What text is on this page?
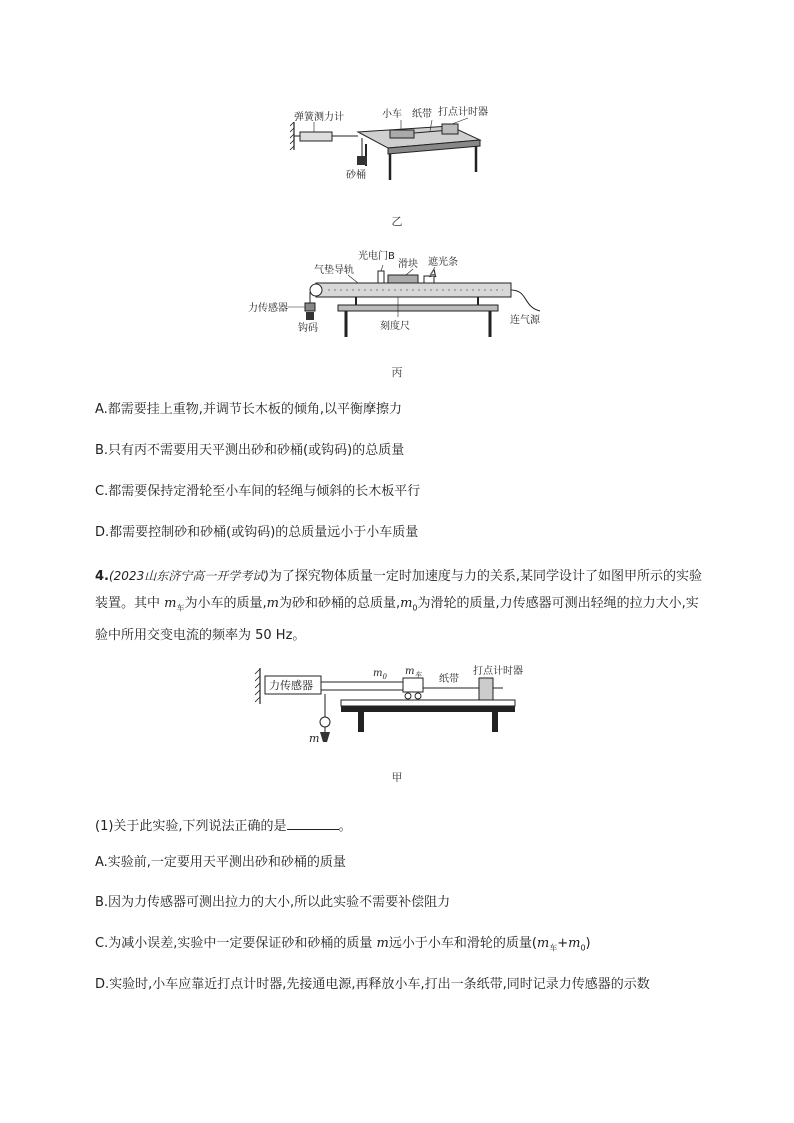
弹簧测力计	小车 纸带 打点计时器
砂桶
乙
光电门B
滑块 遮光条
A
气垫导轨
力传感器
钩码	刻度尺
连气源
丙
A.都需要挂上重物,并调节长木板的倾角,以平衡摩擦力
B.只有丙不需要用天平测出砂和砂桶(或钩码)的总质量
C.都需要保持定滑轮至小车间的轻绳与倾斜的长木板平行
D.都需要控制砂和砂桶(或钩码)的总质量远小于小车质量
4.(2023山东济宁高一开学考试)为了探究物体质量一定时加速度与力的关系,某同学设计了如图甲所示的实验装置。其中 $m_车$为小车的质量,m为砂和砂桶的总质量$,m_0$为滑轮的质量,力传感器可测出轻绳的拉力大小,实验中所用交变电流的频率为 50 Hz。
力传感器
$m_0$ $m_车$ 纸带
打点计时器
m
甲
(1)关于此实验,下列说法正确的是	。
A.实验前,一定要用天平测出砂和砂桶的质量
B.因为力传感器可测出拉力的大小,所以此实验不需要补偿阻力
C.为减小误差,实验中一定要保证砂和砂桶的质量 m远小于小车和滑轮的质量$(m_车+m_0)$
D.实验时,小车应靠近打点计时器,先接通电源,再释放小车,打出一条纸带,同时记录力传感器的示数
